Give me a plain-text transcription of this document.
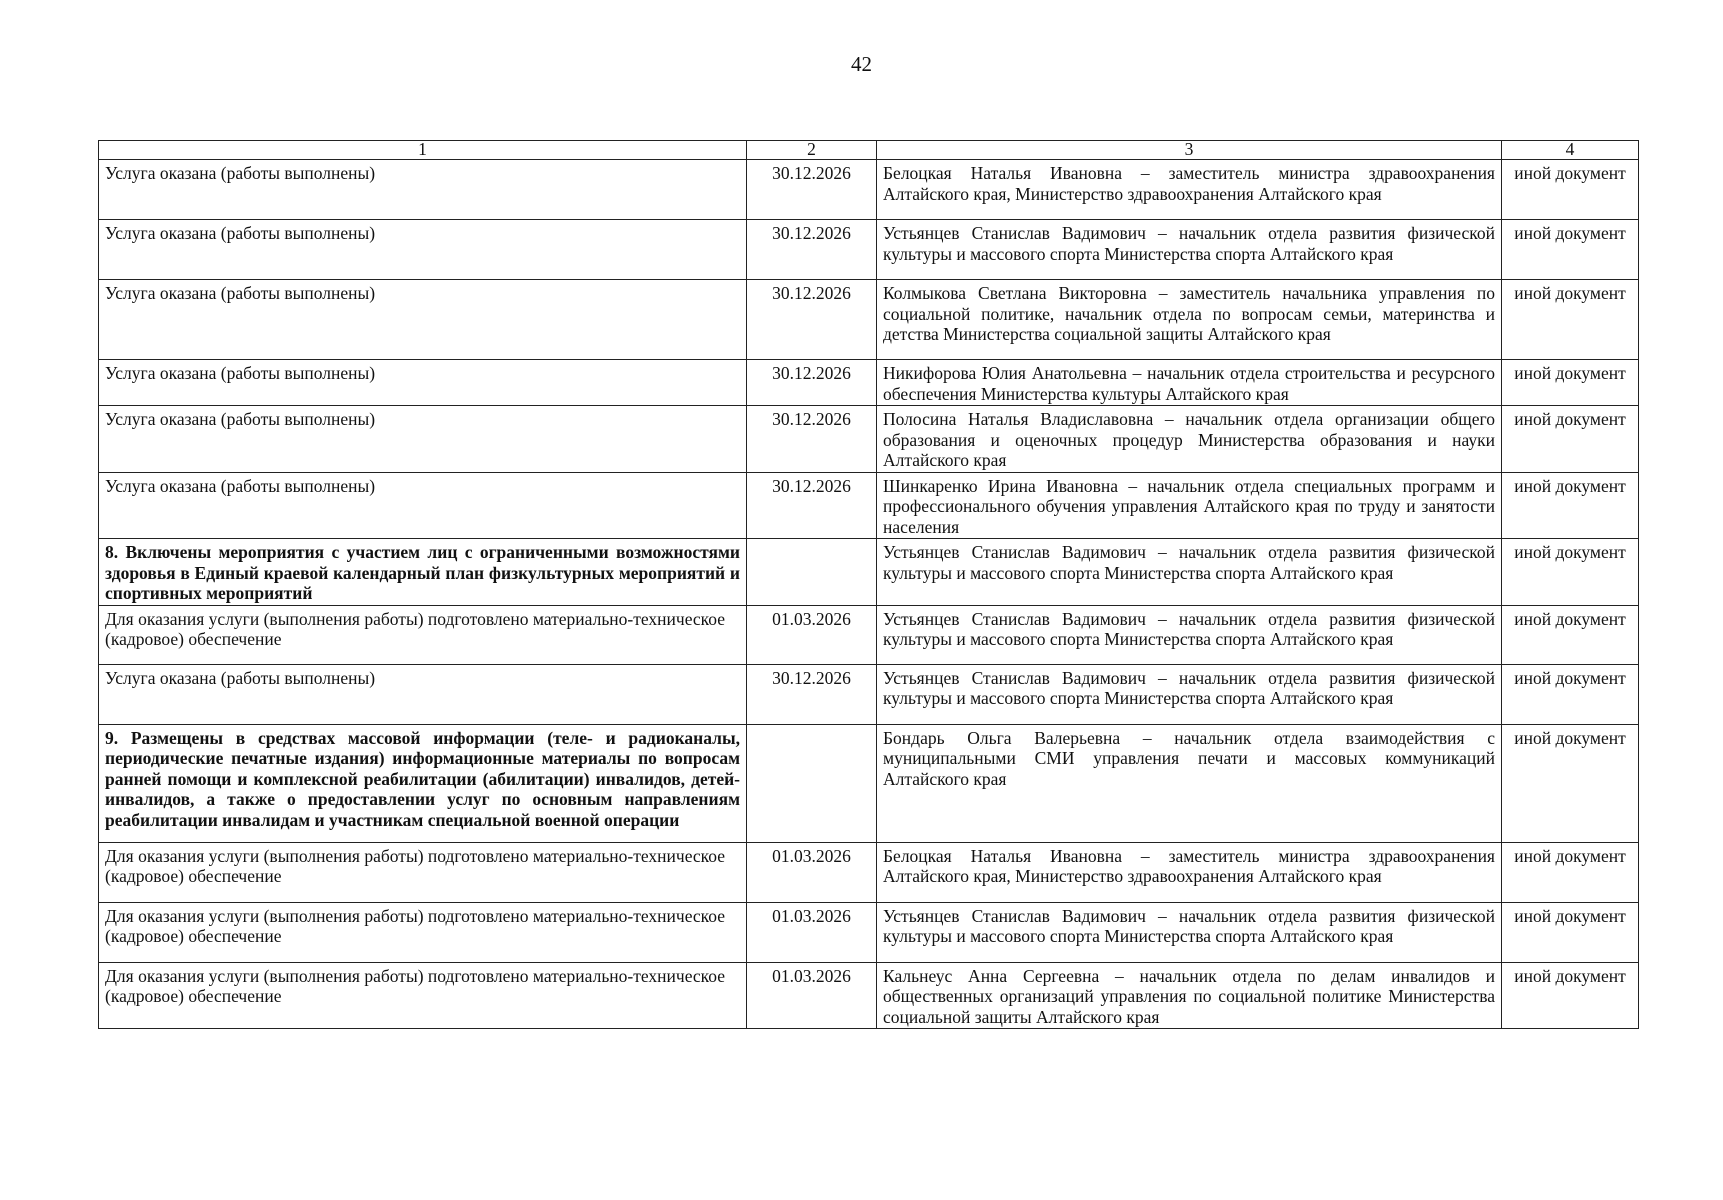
42
1	2	3	4
Услуга оказана (работы выполнены)	30.12.2026	Белоцкая Наталья Ивановна – заместитель министра здравоохранения Алтайского края, Министерство здравоохранения Алтайского края	иной документ
Услуга оказана (работы выполнены)	30.12.2026	Устьянцев Станислав Вадимович – начальник отдела развития физической культуры и массового спорта Министерства спорта Алтайского края	иной документ
Услуга оказана (работы выполнены)	30.12.2026	Колмыкова Светлана Викторовна – заместитель начальника управления по социальной политике, начальник отдела по вопросам семьи, материнства и детства Министерства социальной защиты Алтайского края	иной документ
Услуга оказана (работы выполнены)	30.12.2026	Никифорова Юлия Анатольевна – начальник отдела строительства и ресурсного обеспечения Министерства культуры Алтайского края	иной документ
Услуга оказана (работы выполнены)	30.12.2026	Полосина Наталья Владиславовна – начальник отдела организации общего образования и оценочных процедур Министерства образования и науки Алтайского края	иной документ
Услуга оказана (работы выполнены)	30.12.2026	Шинкаренко Ирина Ивановна – начальник отдела специальных программ и профессионального обучения управления Алтайского края по труду и занятости населения	иной документ
8. Включены мероприятия с участием лиц с ограниченными возможностями здоровья в Единый краевой календарный план физкультурных мероприятий и спортивных мероприятий		Устьянцев Станислав Вадимович – начальник отдела развития физической культуры и массового спорта Министерства спорта Алтайского края	иной документ
Для оказания услуги (выполнения работы) подготовлено материально-техническое (кадровое) обеспечение	01.03.2026	Устьянцев Станислав Вадимович – начальник отдела развития физической культуры и массового спорта Министерства спорта Алтайского края	иной документ
Услуга оказана (работы выполнены)	30.12.2026	Устьянцев Станислав Вадимович – начальник отдела развития физической культуры и массового спорта Министерства спорта Алтайского края	иной документ
9. Размещены в средствах массовой информации (теле- и радиоканалы, периодические печатные издания) информационные материалы по вопросам ранней помощи и комплексной реабилитации (абилитации) инвалидов, детей-инвалидов, а также о предоставлении услуг по основным направлениям реабилитации инвалидам и участникам специальной военной операции		Бондарь Ольга Валерьевна – начальник отдела взаимодействия с муниципальными СМИ управления печати и массовых коммуникаций Алтайского края	иной документ
Для оказания услуги (выполнения работы) подготовлено материально-техническое (кадровое) обеспечение	01.03.2026	Белоцкая Наталья Ивановна – заместитель министра здравоохранения Алтайского края, Министерство здравоохранения Алтайского края	иной документ
Для оказания услуги (выполнения работы) подготовлено материально-техническое (кадровое) обеспечение	01.03.2026	Устьянцев Станислав Вадимович – начальник отдела развития физической культуры и массового спорта Министерства спорта Алтайского края	иной документ
Для оказания услуги (выполнения работы) подготовлено материально-техническое (кадровое) обеспечение	01.03.2026	Кальнеус Анна Сергеевна – начальник отдела по делам инвалидов и общественных организаций управления по социальной политике Министерства социальной защиты Алтайского края	иной документ
